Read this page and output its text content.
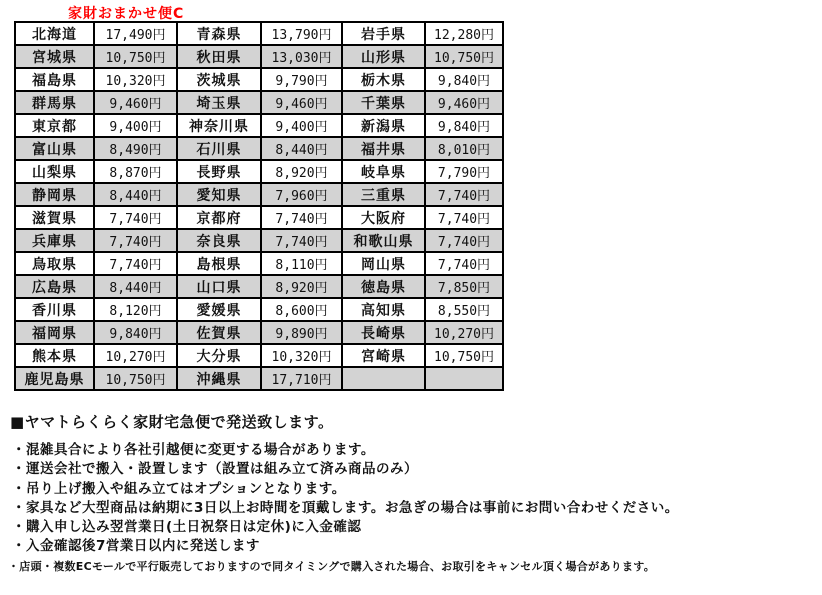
家財おまかせ便C
北海道	17,490円	青森県	13,790円	岩手県	12,280円
宮城県	10,750円	秋田県	13,030円	山形県	10,750円
福島県	10,320円	茨城県	9,790円	栃木県	9,840円
群馬県	9,460円	埼玉県	9,460円	千葉県	9,460円
東京都	9,400円	神奈川県	9,400円	新潟県	9,840円
富山県	8,490円	石川県	8,440円	福井県	8,010円
山梨県	8,870円	長野県	8,920円	岐阜県	7,790円
静岡県	8,440円	愛知県	7,960円	三重県	7,740円
滋賀県	7,740円	京都府	7,740円	大阪府	7,740円
兵庫県	7,740円	奈良県	7,740円	和歌山県	7,740円
鳥取県	7,740円	島根県	8,110円	岡山県	7,740円
広島県	8,440円	山口県	8,920円	徳島県	7,850円
香川県	8,120円	愛媛県	8,600円	高知県	8,550円
福岡県	9,840円	佐賀県	9,890円	長崎県	10,270円
熊本県	10,270円	大分県	10,320円	宮崎県	10,750円
鹿児島県	10,750円	沖縄県	17,710円		
■ヤマトらくらく家財宅急便で発送致します。
・混雑具合により各社引越便に変更する場合があります。
・運送会社で搬入・設置します（設置は組み立て済み商品のみ）
・吊り上げ搬入や組み立てはオプションとなります。
・家具など大型商品は納期に3日以上お時間を頂戴します。お急ぎの場合は事前にお問い合わせください。
・購入申し込み翌営業日(土日祝祭日は定休)に入金確認
・入金確認後7営業日以内に発送します
・店頭・複数ECモールで平行販売しておりますので同タイミングで購入された場合、お取引をキャンセル頂く場合があります。
